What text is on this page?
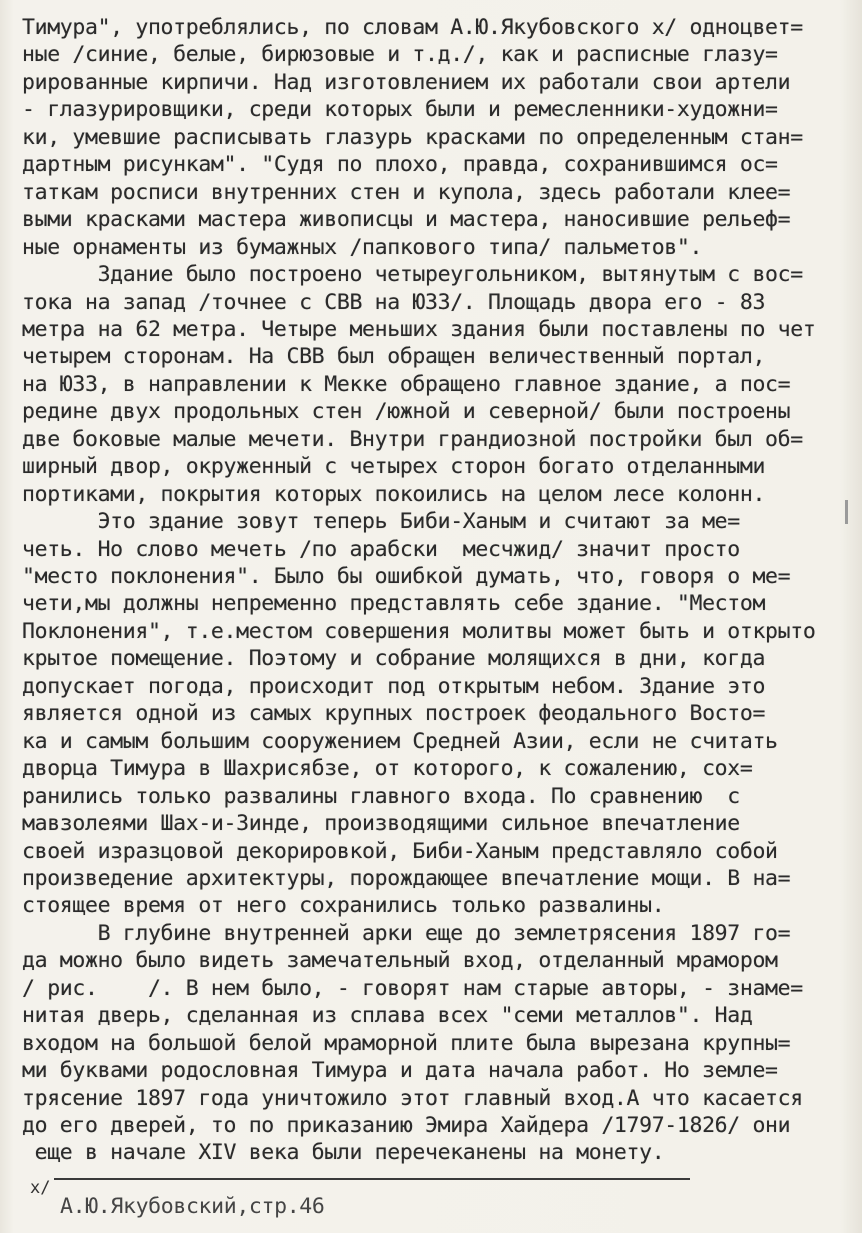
Тимура", употреблялись, по словам А.Ю.Якубовского x/ одноцвет=
ные /синие, белые, бирюзовые и т.д./, как и расписные глазу=
рированные кирпичи. Над изготовлением их работали свои артели
- глазурировщики, среди которых были и ремесленники-художни=
ки, умевшие расписывать глазурь красками по определенным стан=
дартным рисункам". "Судя по плохо, правда, сохранившимся ос=
таткам росписи внутренних стен и купола, здесь работали клее=
выми красками мастера живописцы и мастера, наносившие рельеф=
ные орнаменты из бумажных /папкового типа/ пальметов".
Здание было построено четыреугольником, вытянутым с вос=
тока на запад /точнее с СВВ на ЮЗЗ/. Площадь двора его - 83
метра на 62 метра. Четыре меньших здания были поставлены по чет
четырем сторонам. На СВВ был обращен величественный портал,
на ЮЗЗ, в направлении к Мекке обращено главное здание, а пос=
редине двух продольных стен /южной и северной/ были построены
две боковые малые мечети. Внутри грандиозной постройки был об=
ширный двор, окруженный с четырех сторон богато отделанными
портиками, покрытия которых покоились на целом лесе колонн.
Это здание зовут теперь Биби-Ханым и считают за ме=
четь. Но слово мечеть /по арабски  месчжид/ значит просто
"место поклонения". Было бы ошибкой думать, что, говоря о ме=
чети,мы должны непременно представлять себе здание. "Местом
Поклонения", т.е.местом совершения молитвы может быть и открыто
крытое помещение. Поэтому и собрание молящихся в дни, когда
допускает погода, происходит под открытым небом. Здание это
является одной из самых крупных построек феодального Восто=
ка и самым большим сооружением Средней Азии, если не считать
дворца Тимура в Шахрисябзе, от которого, к сожалению, сох=
ранились только развалины главного входа. По сравнению  с
мавзолеями Шах-и-Зинде, производящими сильное впечатление
своей изразцовой декорировкой, Биби-Ханым представляло собой
произведение архитектуры, порождающее впечатление мощи. В на=
стоящее время от него сохранились только развалины.
В глубине внутренней арки еще до землетрясения 1897 го=
да можно было видеть замечательный вход, отделанный мрамором
/ рис.    /. В нем было, - говорят нам старые авторы, - знаме=
нитая дверь, сделанная из сплава всех "семи металлов". Над
входом на большой белой мраморной плите была вырезана крупны=
ми буквами родословная Тимура и дата начала работ. Но земле=
трясение 1897 года уничтожило этот главный вход.А что касается
до его дверей, то по приказанию Эмира Хайдера /1797-1826/ они
еще в начале XIV века были перечеканены на монету.
x/
А.Ю.Якубовский,стр.46
